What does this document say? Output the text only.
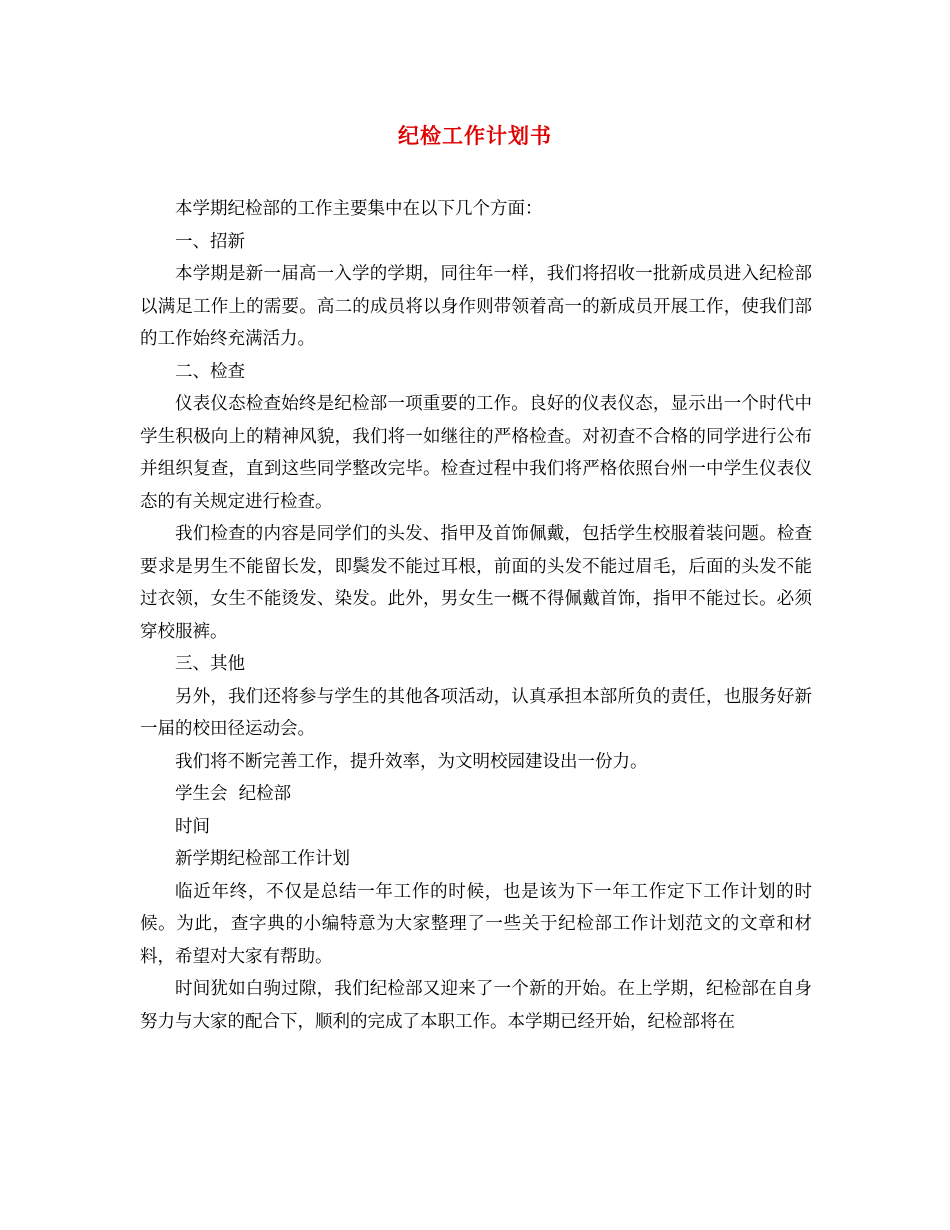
纪检工作计划书

本学期纪检部的工作主要集中在以下几个方面：

一、招新

本学期是新一届高一入学的学期，同往年一样，我们将招收一批新成员进入纪检部以满足工作上的需要。高二的成员将以身作则带领着高一的新成员开展工作，使我们部的工作始终充满活力。

二、检查

仪表仪态检查始终是纪检部一项重要的工作。良好的仪表仪态，显示出一个时代中学生积极向上的精神风貌，我们将一如继往的严格检查。对初查不合格的同学进行公布并组织复查，直到这些同学整改完毕。检查过程中我们将严格依照台州一中学生仪表仪态的有关规定进行检查。

我们检查的内容是同学们的头发、指甲及首饰佩戴，包括学生校服着装问题。检查要求是男生不能留长发，即鬓发不能过耳根，前面的头发不能过眉毛，后面的头发不能过衣领，女生不能烫发、染发。此外，男女生一概不得佩戴首饰，指甲不能过长。必须穿校服裤。

三、其他

另外，我们还将参与学生的其他各项活动，认真承担本部所负的责任，也服务好新一届的校田径运动会。

我们将不断完善工作，提升效率，为文明校园建设出一份力。

学生会  纪检部

时间

新学期纪检部工作计划

临近年终，不仅是总结一年工作的时候，也是该为下一年工作定下工作计划的时候。为此，查字典的小编特意为大家整理了一些关于纪检部工作计划范文的文章和材料，希望对大家有帮助。

时间犹如白驹过隙，我们纪检部又迎来了一个新的开始。在上学期，纪检部在自身努力与大家的配合下，顺利的完成了本职工作。本学期已经开始，纪检部将在
